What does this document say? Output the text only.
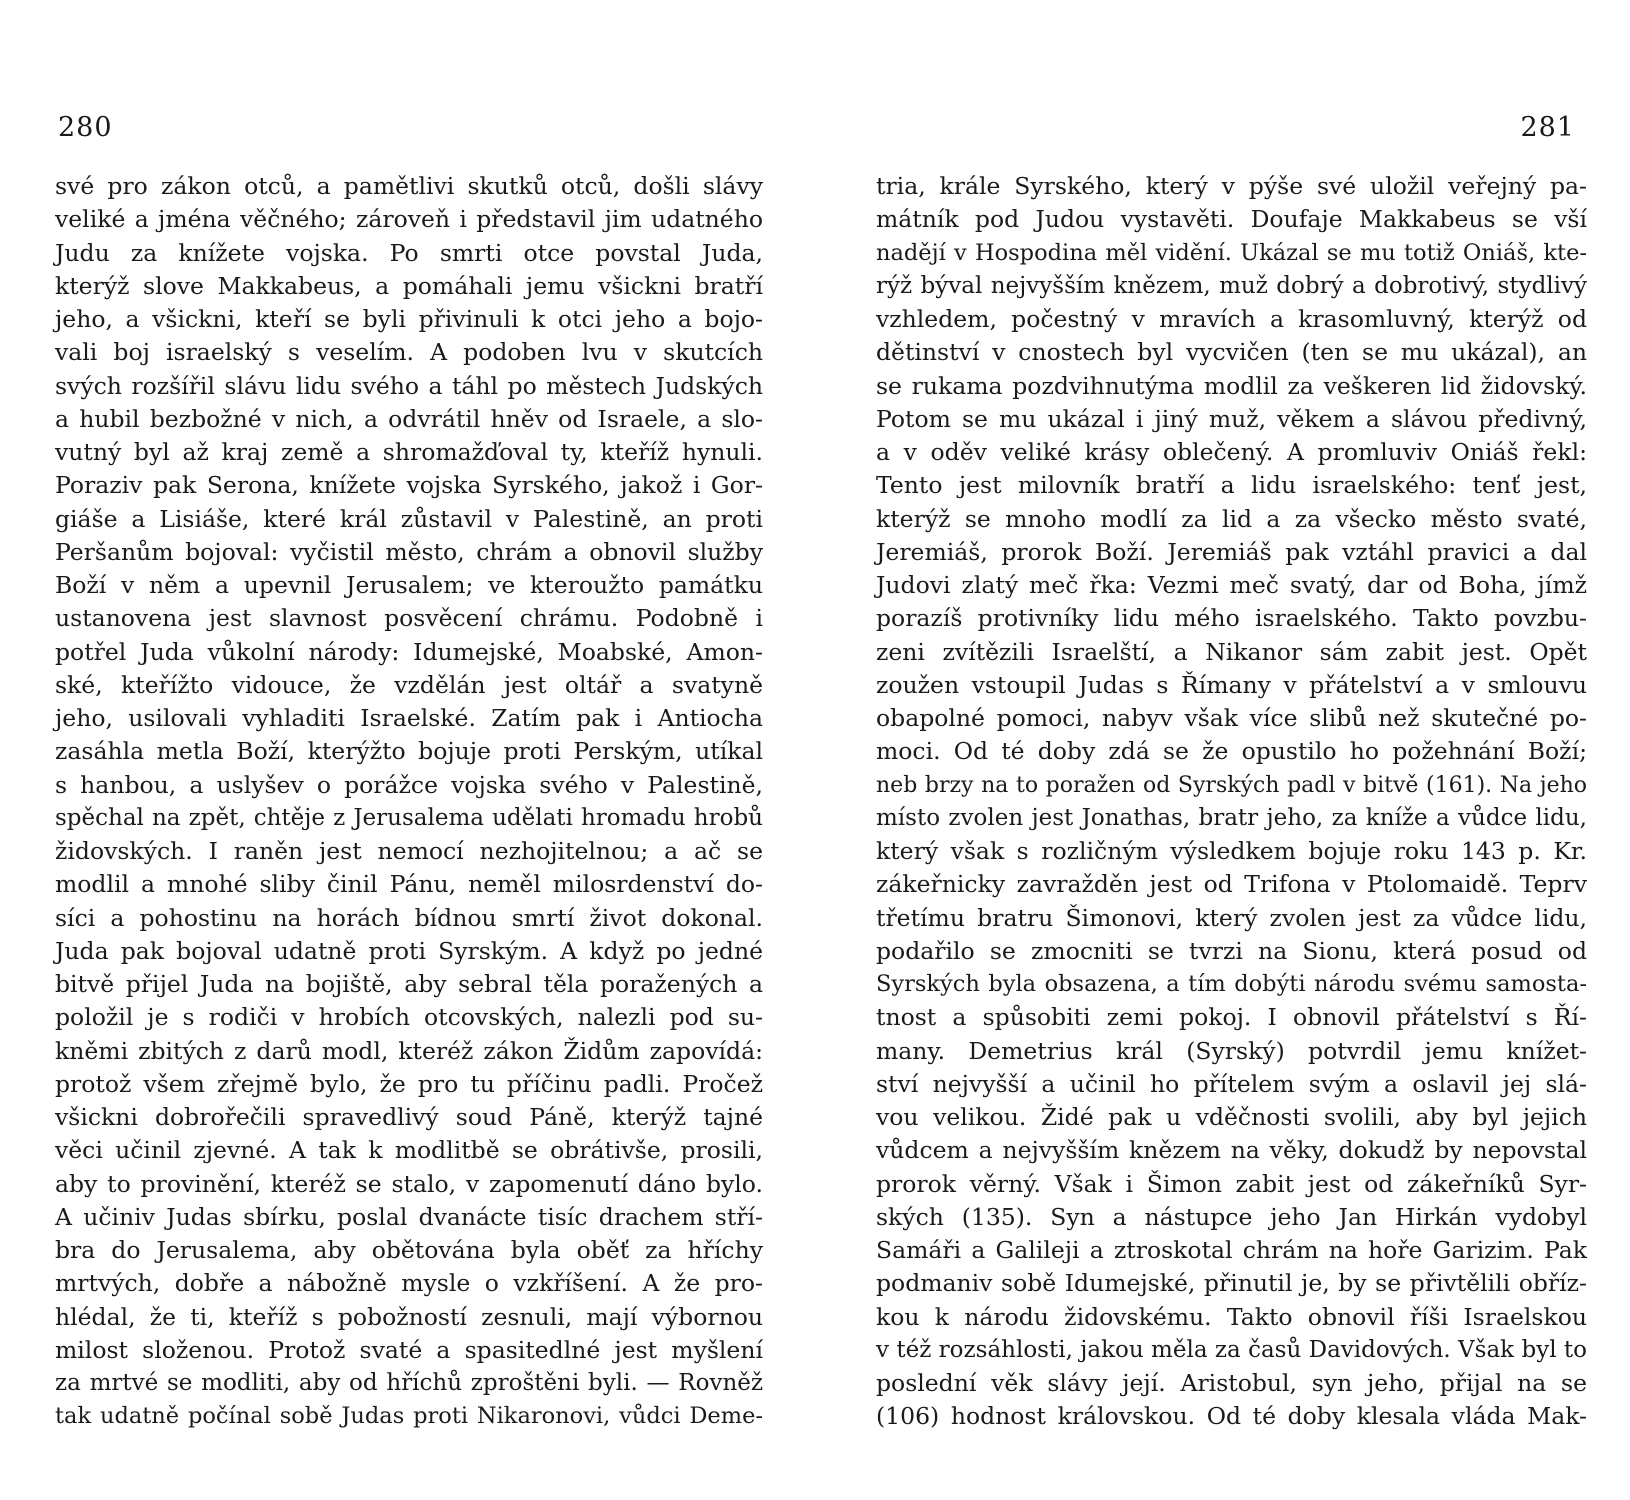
280
své pro zákon otců, a pamětlivi skutků otců, došli slávy
veliké a jména věčného; zároveň i představil jim udatného
Judu za knížete vojska. Po smrti otce povstal Juda,
kterýž slove Makkabeus, a pomáhali jemu všickni bratří
jeho, a všickni, kteří se byli přivinuli k otci jeho a bojo-
vali boj israelský s veselím. A podoben lvu v skutcích
svých rozšířil slávu lidu svého a táhl po městech Judských
a hubil bezbožné v nich, a odvrátil hněv od Israele, a slo-
vutný byl až kraj země a shromažďoval ty, kteříž hynuli.
Poraziv pak Serona, knížete vojska Syrského, jakož i Gor-
giáše a Lisiáše, které král zůstavil v Palestině, an proti
Peršanům bojoval: vyčistil město, chrám a obnovil služby
Boží v něm a upevnil Jerusalem; ve kteroužto památku
ustanovena jest slavnost posvěcení chrámu. Podobně i
potřel Juda vůkolní národy: Idumejské, Moabské, Amon-
ské, kteřížto vidouce, že vzdělán jest oltář a svatyně
jeho, usilovali vyhladiti Israelské. Zatím pak i Antiocha
zasáhla metla Boží, kterýžto bojuje proti Perským, utíkal
s hanbou, a uslyšev o porážce vojska svého v Palestině,
spěchal na zpět, chtěje z Jerusalema udělati hromadu hrobů
židovských. I raněn jest nemocí nezhojitelnou; a ač se
modlil a mnohé sliby činil Pánu, neměl milosrdenství do-
síci a pohostinu na horách bídnou smrtí život dokonal.
Juda pak bojoval udatně proti Syrským. A když po jedné
bitvě přijel Juda na bojiště, aby sebral těla poražených a
položil je s rodiči v hrobích otcovských, nalezli pod su-
kněmi zbitých z darů modl, kteréž zákon Židům zapovídá:
protož všem zřejmě bylo, že pro tu příčinu padli. Pročež
všickni dobrořečili spravedlivý soud Páně, kterýž tajné
věci učinil zjevné. A tak k modlitbě se obrátivše, prosili,
aby to provinění, kteréž se stalo, v zapomenutí dáno bylo.
A učiniv Judas sbírku, poslal dvanácte tisíc drachem stří-
bra do Jerusalema, aby obětována byla oběť za hříchy
mrtvých, dobře a nábožně mysle o vzkříšení. A že pro-
hlédal, že ti, kteříž s pobožností zesnuli, mají výbornou
milost složenou. Protož svaté a spasitedlné jest myšlení
za mrtvé se modliti, aby od hříchů zproštěni byli. — Rovněž
tak udatně počínal sobě Judas proti Nikaronovi, vůdci Deme-
281
tria, krále Syrského, který v pýše své uložil veřejný pa-
mátník pod Judou vystavěti. Doufaje Makkabeus se vší
nadějí v Hospodina měl vidění. Ukázal se mu totiž Oniáš, kte-
rýž býval nejvyšším knězem, muž dobrý a dobrotivý, stydlivý
vzhledem, počestný v mravích a krasomluvný, kterýž od
dětinství v cnostech byl vycvičen (ten se mu ukázal), an
se rukama pozdvihnutýma modlil za veškeren lid židovský.
Potom se mu ukázal i jiný muž, věkem a slávou předivný,
a v oděv veliké krásy oblečený. A promluviv Oniáš řekl:
Tento jest milovník bratří a lidu israelského: tenť jest,
kterýž se mnoho modlí za lid a za všecko město svaté,
Jeremiáš, prorok Boží. Jeremiáš pak vztáhl pravici a dal
Judovi zlatý meč řka: Vezmi meč svatý, dar od Boha, jímž
porazíš protivníky lidu mého israelského. Takto povzbu-
zeni zvítězili Israelští, a Nikanor sám zabit jest. Opět
zoužen vstoupil Judas s Římany v přátelství a v smlouvu
obapolné pomoci, nabyv však více slibů než skutečné po-
moci. Od té doby zdá se že opustilo ho požehnání Boží;
neb brzy na to poražen od Syrských padl v bitvě (161). Na jeho
místo zvolen jest Jonathas, bratr jeho, za kníže a vůdce lidu,
který však s rozličným výsledkem bojuje roku 143 p. Kr.
zákeřnicky zavražděn jest od Trifona v Ptolomaidě. Teprv
třetímu bratru Šimonovi, který zvolen jest za vůdce lidu,
podařilo se zmocniti se tvrzi na Sionu, která posud od
Syrských byla obsazena, a tím dobýti národu svému samosta-
tnost a spůsobiti zemi pokoj. I obnovil přátelství s Ří-
many. Demetrius král (Syrský) potvrdil jemu knížet-
ství nejvyšší a učinil ho přítelem svým a oslavil jej slá-
vou velikou. Židé pak u vděčnosti svolili, aby byl jejich
vůdcem a nejvyšším knězem na věky, dokudž by nepovstal
prorok věrný. Však i Šimon zabit jest od zákeřníků Syr-
ských (135). Syn a nástupce jeho Jan Hirkán vydobyl
Samáři a Galileji a ztroskotal chrám na hoře Garizim. Pak
podmaniv sobě Idumejské, přinutil je, by se přivtělili obříz-
kou k národu židovskému. Takto obnovil říši Israelskou
v též rozsáhlosti, jakou měla za časů Davidových. Však byl to
poslední věk slávy její. Aristobul, syn jeho, přijal na se
(106) hodnost královskou. Od té doby klesala vláda Mak-
